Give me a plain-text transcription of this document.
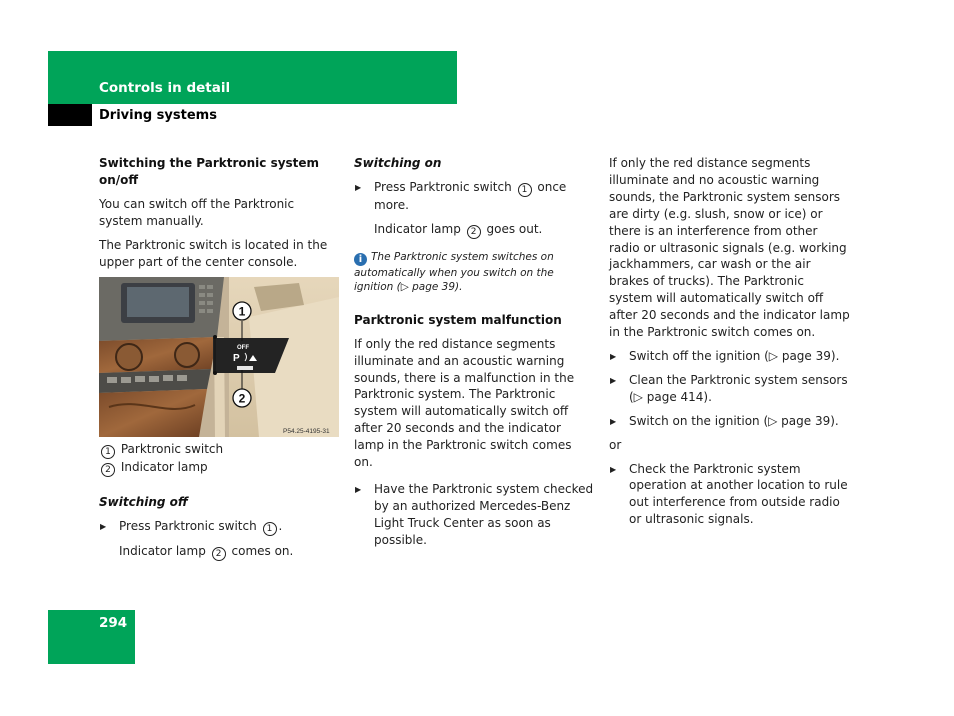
Controls in detail
Driving systems
Switching the Parktronic system on/off
You can switch off the Parktronic system manually.
The Parktronic switch is located in the upper part of the center console.
OFF
P
1
2
P54.25-4195-31
1 Parktronic switch
2 Indicator lamp
Switching off
▶ Press Parktronic switch 1 .
Indicator lamp 2 comes on.
Switching on
▶ Press Parktronic switch 1 once more.
Indicator lamp 2 goes out.
i The Parktronic system switches on automatically when you switch on the ignition (▷ page 39).
Parktronic system malfunction
If only the red distance segments illuminate and an acoustic warning sounds, there is a malfunction in the Parktronic system. The Parktronic system will automatically switch off after 20 seconds and the indicator lamp in the Parktronic switch comes on.
▶ Have the Parktronic system checked by an authorized Mercedes-Benz Light Truck Center as soon as possible.
If only the red distance segments illuminate and no acoustic warning sounds, the Parktronic system sensors are dirty (e.g. slush, snow or ice) or there is an interference from other radio or ultrasonic signals (e.g. working jackhammers, car wash or the air brakes of trucks). The Parktronic system will automatically switch off after 20 seconds and the indicator lamp in the Parktronic switch comes on.
▶ Switch off the ignition (▷ page 39).
▶ Clean the Parktronic system sensors (▷ page 414).
▶ Switch on the ignition (▷ page 39).
or
▶ Check the Parktronic system operation at another location to rule out interference from outside radio or ultrasonic signals.
294
